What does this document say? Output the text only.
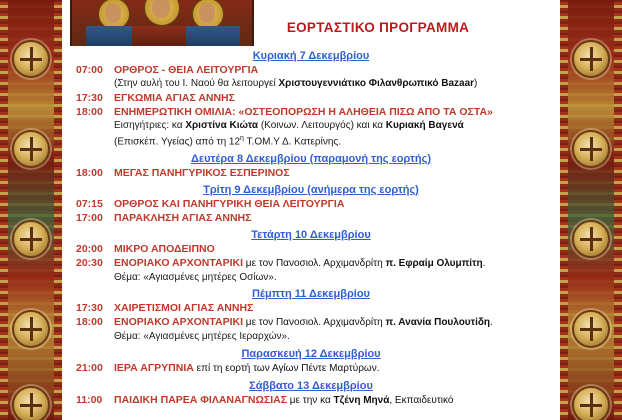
ΕΟΡΤΑΣΤΙΚΟ ΠΡΟΓΡΑΜΜΑ
Κυριακή 7 Δεκεμβρίου
07:00	ΟΡΘΡΟΣ - ΘΕΙΑ ΛΕΙΤΟΥΡΓΙΑ
(Στην αυλή του Ι. Ναού θα λειτουργεί Χριστουγεννιάτικο Φιλανθρωπικό Bazaar)
17:30	ΕΓΚΩΜΙΑ ΑΓΙΑΣ ΑΝΝΗΣ
18:00	ΕΝΗΜΕΡΩΤΙΚΗ ΟΜΙΛΙΑ: «ΟΣΤΕΟΠΟΡΩΣΗ Η ΑΛΗΘΕΙΑ ΠΙΣΩ ΑΠΟ ΤΑ ΟΣΤΑ»
Εισηγήτριες: κα Χριστίνα Κιώτα (Κοινων. Λειτουργός) και κα Κυριακή Βαγενά
(Επισκέπ. Υγείας) από τη $12^\eta$ Τ.ΟΜ.Υ Δ. Κατερίνης.
Δευτέρα 8 Δεκεμβρίου (παραμονή της εορτής)
18:00	ΜΕΓΑΣ ΠΑΝΗΓΥΡΙΚΟΣ ΕΣΠΕΡΙΝΟΣ
Τρίτη 9 Δεκεμβρίου (ανήμερα της εορτής)
07:15	ΟΡΘΡΟΣ ΚΑΙ ΠΑΝΗΓΥΡΙΚΗ ΘΕΙΑ ΛΕΙΤΟΥΡΓΙΑ
17:00	ΠΑΡΑΚΛΗΣΗ ΑΓΙΑΣ ΑΝΝΗΣ
Τετάρτη 10 Δεκεμβρίου
20:00	ΜΙΚΡΟ ΑΠΟΔΕΙΠΝΟ
20:30	ΕΝΟΡΙΑΚΟ ΑΡΧΟΝΤΑΡΙΚΙ με τον Πανοσιολ. Αρχιμανδρίτη π. Εφραίμ Ολυμπίτη.
Θέμα: «Αγιασμένες μητέρες Οσίων».
Πέμπτη 11 Δεκεμβρίου
17:30	ΧΑΙΡΕΤΙΣΜΟΙ ΑΓΙΑΣ ΑΝΝΗΣ
18:00	ΕΝΟΡΙΑΚΟ ΑΡΧΟΝΤΑΡΙΚΙ με τον Πανοσιολ. Αρχιμανδρίτη π. Ανανία Πουλουτίδη.
Θέμα: «Αγιασμένες μητέρες Ιεραρχών».
Παρασκευή 12 Δεκεμβρίου
21:00	ΙΕΡΑ ΑΓΡΥΠΝΙΑ επί τη εορτή των Αγίων Πέντε Μαρτύρων.
Σάββατο 13 Δεκεμβρίου
11:00	ΠΑΙΔΙΚΗ ΠΑΡΕΑ ΦΙΛΑΝΑΓΝΩΣΙΑΣ με την κα Τζένη Μηνά, Εκπαιδευτικό
